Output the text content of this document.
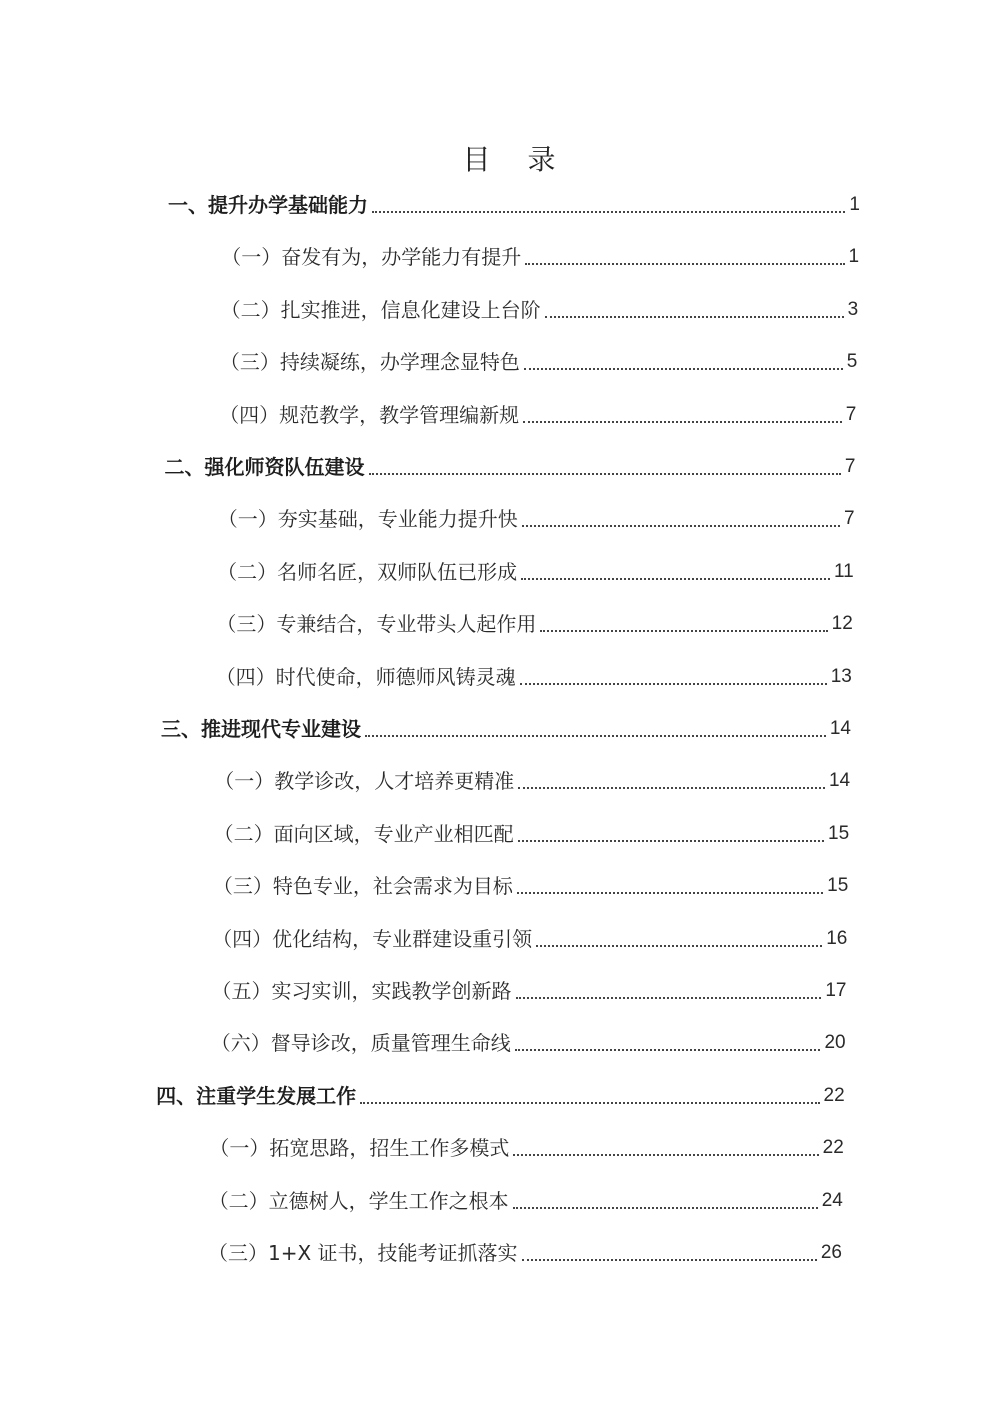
目 录
一、提升办学基础能力	1
（一）奋发有为，办学能力有提升	1
（二）扎实推进，信息化建设上台阶	3
（三）持续凝练，办学理念显特色	5
（四）规范教学，教学管理编新规	7
二、强化师资队伍建设	7
（一）夯实基础，专业能力提升快	7
（二）名师名匠，双师队伍已形成	11
（三）专兼结合，专业带头人起作用	12
（四）时代使命，师德师风铸灵魂	13
三、推进现代专业建设	14
（一）教学诊改，人才培养更精准	14
（二）面向区域，专业产业相匹配	15
（三）特色专业，社会需求为目标	15
（四）优化结构，专业群建设重引领	16
（五）实习实训，实践教学创新路	17
（六）督导诊改，质量管理生命线	20
四、注重学生发展工作	22
（一）拓宽思路，招生工作多模式	22
（二）立德树人，学生工作之根本	24
（三）1+X 证书，技能考证抓落实	26
